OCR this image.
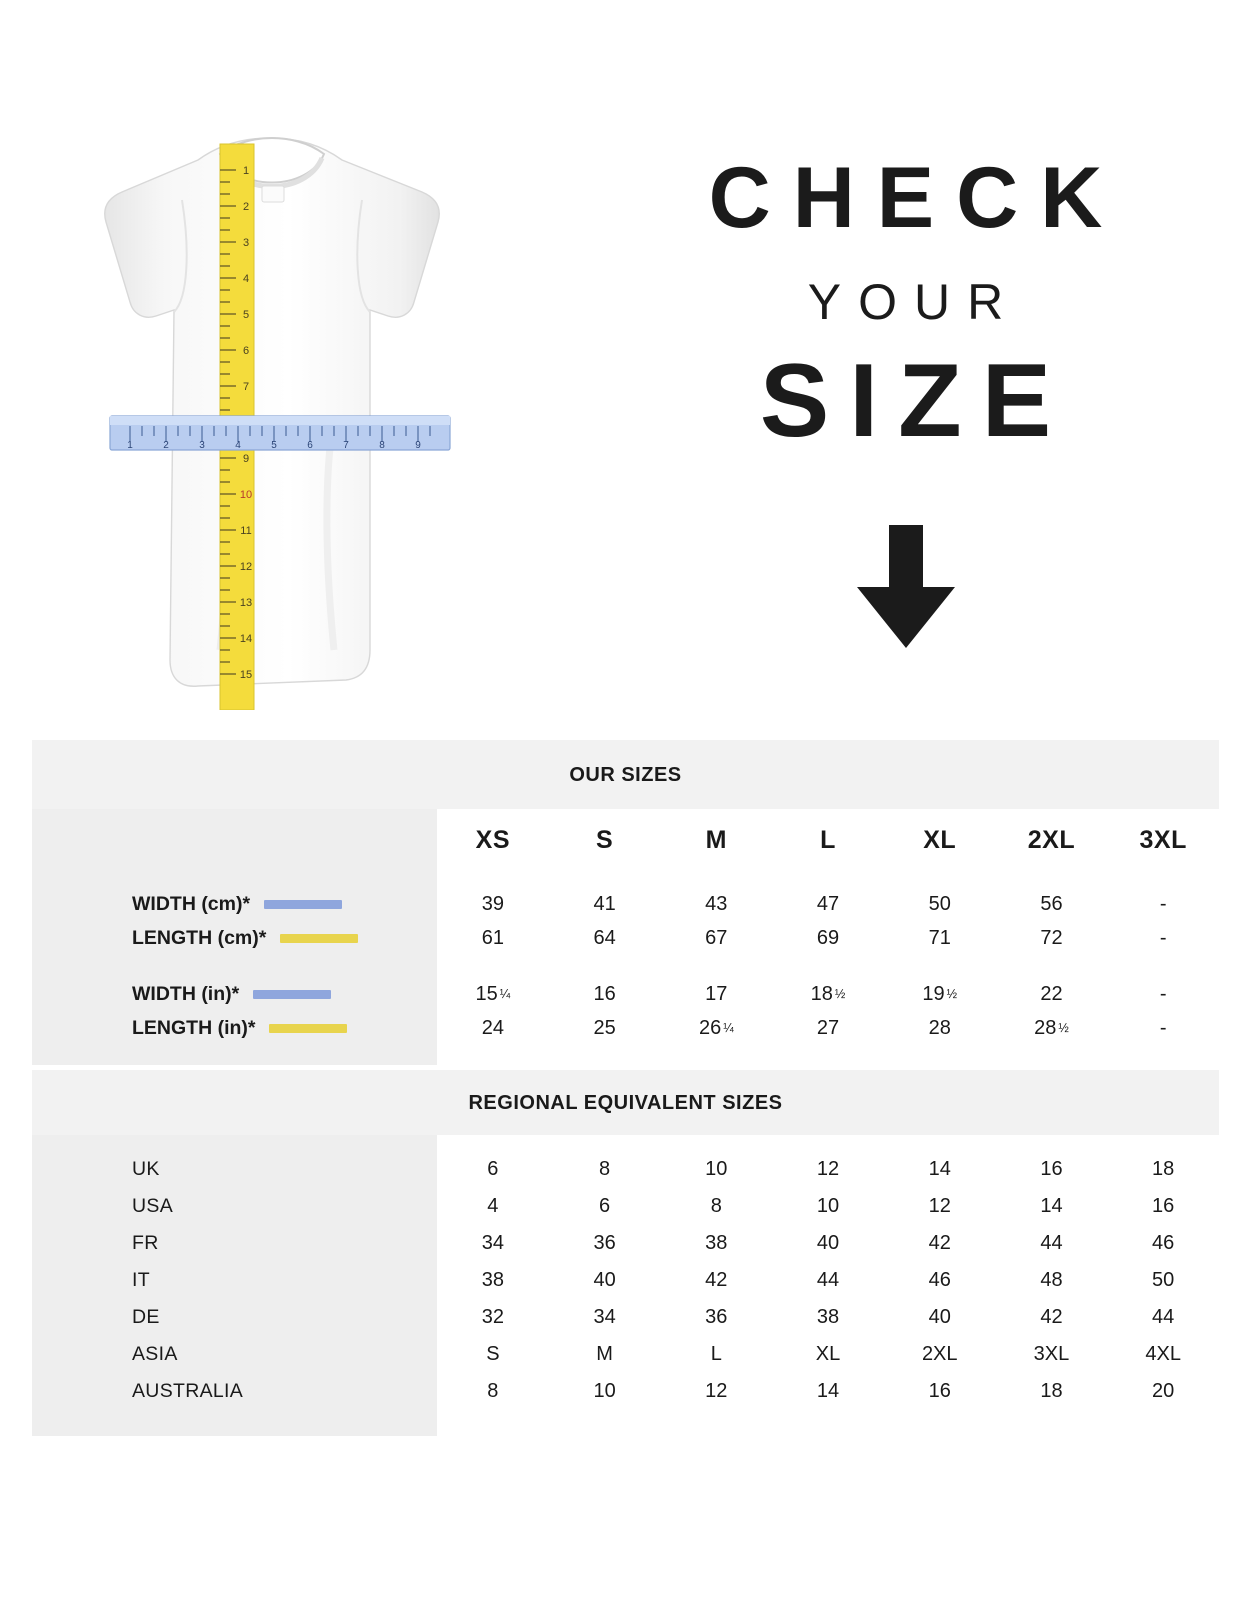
1
2
3
4
5
6
7
9
10
11
12
13
14
15
1	2	3	4	5	6	7	8	9
CHECK
YOUR
SIZE
OUR SIZES
XS	S	M	L	XL	2XL	3XL
WIDTH (cm)*	39	41	43	47	50	56	-
LENGTH (cm)*	61	64	67	69	71	72	-
WIDTH (in)*	15 ¼	16	17	18 ½	19 ½	22	-
LENGTH (in)*	24	25	26 ¼	27	28	28 ½	-
REGIONAL EQUIVALENT SIZES
UK	6	8	10	12	14	16	18
USA	4	6	8	10	12	14	16
FR	34	36	38	40	42	44	46
IT	38	40	42	44	46	48	50
DE	32	34	36	38	40	42	44
ASIA	S	M	L	XL	2XL	3XL	4XL
AUSTRALIA	8	10	12	14	16	18	20
